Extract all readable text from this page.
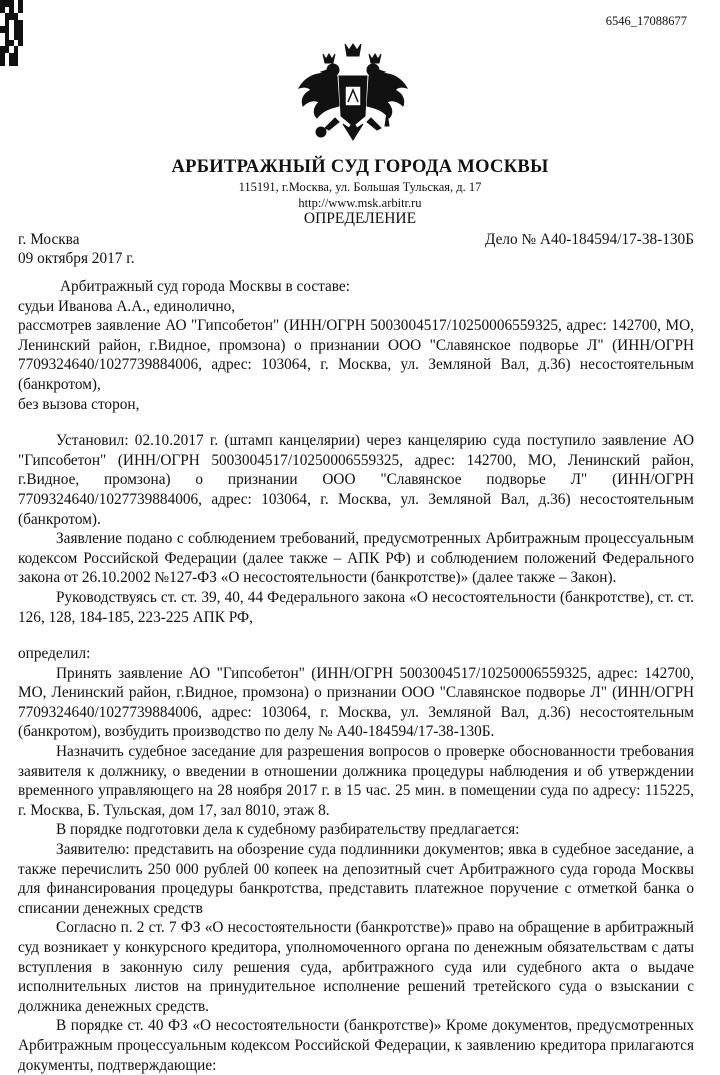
6546_17088677
АРБИТРАЖНЫЙ СУД ГОРОДА МОСКВЫ
115191, г.Москва, ул. Большая Тульская, д. 17
http://www.msk.arbitr.ru
ОПРЕДЕЛЕНИЕ
г. Москва
09 октября 2017 г.
Дело № А40-184594/17-38-130Б

Арбитражный суд города Москвы в составе:

судьи Иванова А.А., единолично,

рассмотрев заявление АО "Гипсобетон" (ИНН/ОГРН 5003004517/10250006559325, адрес: 142700, МО, Ленинский район, г.Видное, промзона) о признании ООО "Славянское подворье Л" (ИНН/ОГРН 7709324640/1027739884006, адрес: 103064, г. Москва, ул. Земляной Вал, д.36) несостоятельным (банкротом),

без вызова сторон,

Установил: 02.10.2017 г. (штамп канцелярии) через канцелярию суда поступило заявление АО "Гипсобетон" (ИНН/ОГРН 5003004517/10250006559325, адрес: 142700, МО, Ленинский район, г.Видное, промзона) о признании ООО "Славянское подворье Л" (ИНН/ОГРН 7709324640/1027739884006, адрес: 103064, г. Москва, ул. Земляной Вал, д.36) несостоятельным (банкротом).

Заявление подано с соблюдением требований, предусмотренных Арбитражным процессуальным кодексом Российской Федерации (далее также – АПК РФ) и соблюдением положений Федерального закона от 26.10.2002 №127-ФЗ «О несостоятельности (банкротстве)» (далее также – Закон).

Руководствуясь ст. ст. 39, 40, 44 Федерального закона «О несостоятельности (банкротстве), ст. ст. 126, 128, 184-185, 223-225 АПК РФ,

определил:

Принять заявление АО "Гипсобетон" (ИНН/ОГРН 5003004517/10250006559325, адрес: 142700, МО, Ленинский район, г.Видное, промзона) о признании ООО "Славянское подворье Л" (ИНН/ОГРН 7709324640/1027739884006, адрес: 103064, г. Москва, ул. Земляной Вал, д.36) несостоятельным (банкротом), возбудить производство по делу № А40-184594/17-38-130Б.

Назначить судебное заседание для разрешения вопросов о проверке обоснованности требования заявителя к должнику, о введении в отношении должника процедуры наблюдения и об утверждении временного управляющего на 28 ноября 2017 г. в 15 час. 25 мин. в помещении суда по адресу: 115225, г. Москва, Б. Тульская, дом 17, зал 8010, этаж 8.

В порядке подготовки дела к судебному разбирательству предлагается:

Заявителю: представить на обозрение суда подлинники документов; явка в судебное заседание, а также перечислить 250 000 рублей 00 копеек на депозитный счет Арбитражного суда города Москвы для финансирования процедуры банкротства, представить платежное поручение с отметкой банка о списании денежных средств

Согласно п. 2 ст. 7 ФЗ «О несостоятельности (банкротстве)» право на обращение в арбитражный суд возникает у конкурсного кредитора, уполномоченного органа по денежным обязательствам с даты вступления в законную силу решения суда, арбитражного суда или судебного акта о выдаче исполнительных листов на принудительное исполнение решений третейского суда о взыскании с должника денежных средств.

В порядке ст. 40 ФЗ «О несостоятельности (банкротстве)» Кроме документов, предусмотренных Арбитражным процессуальным кодексом Российской Федерации, к заявлению кредитора прилагаются документы, подтверждающие:
